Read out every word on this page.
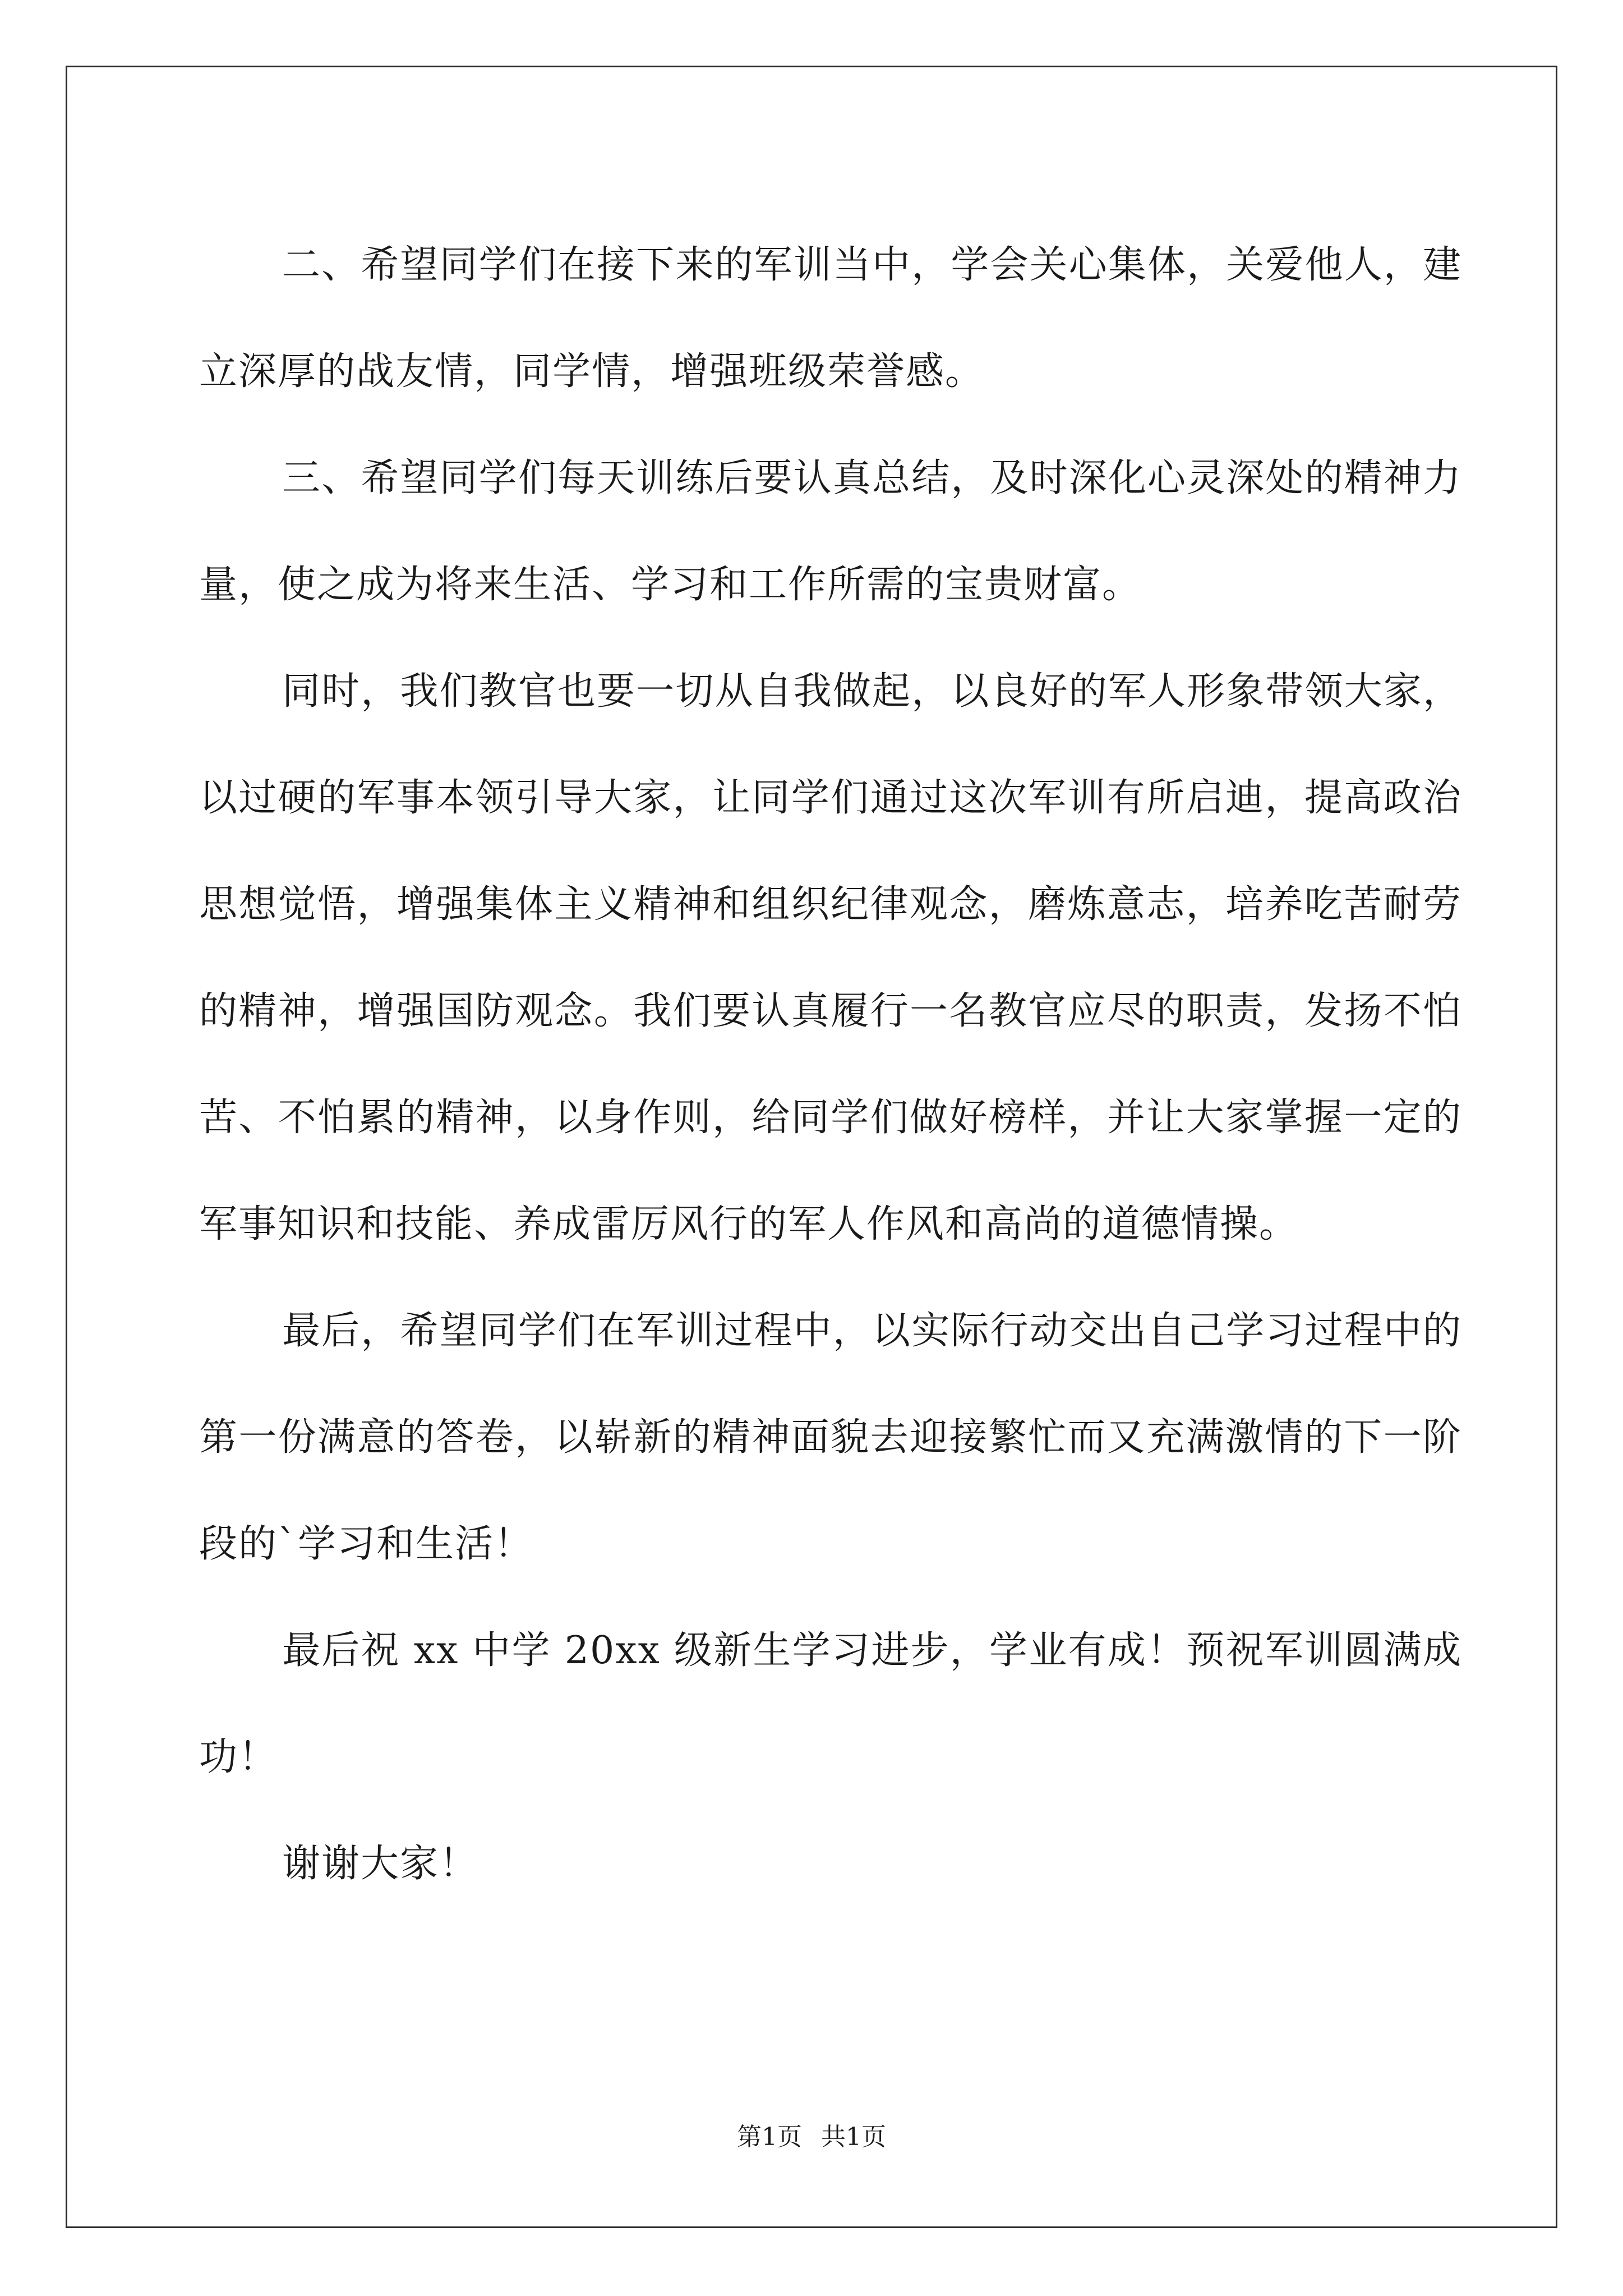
二、希望同学们在接下来的军训当中，学会关心集体，关爱他人，建立深厚的战友情，同学情，增强班级荣誉感。

三、希望同学们每天训练后要认真总结，及时深化心灵深处的精神力量，使之成为将来生活、学习和工作所需的宝贵财富。

同时，我们教官也要一切从自我做起，以良好的军人形象带领大家，以过硬的军事本领引导大家，让同学们通过这次军训有所启迪，提高政治思想觉悟，增强集体主义精神和组织纪律观念，磨炼意志，培养吃苦耐劳的精神，增强国防观念。我们要认真履行一名教官应尽的职责，发扬不怕苦、不怕累的精神，以身作则，给同学们做好榜样，并让大家掌握一定的军事知识和技能、养成雷厉风行的军人作风和高尚的道德情操。

最后，希望同学们在军训过程中，以实际行动交出自己学习过程中的第一份满意的答卷，以崭新的精神面貌去迎接繁忙而又充满激情的下一阶段的`学习和生活！

最后祝 xx 中学 20xx 级新生学习进步，学业有成！预祝军训圆满成功！

谢谢大家！

第1页 共1页
